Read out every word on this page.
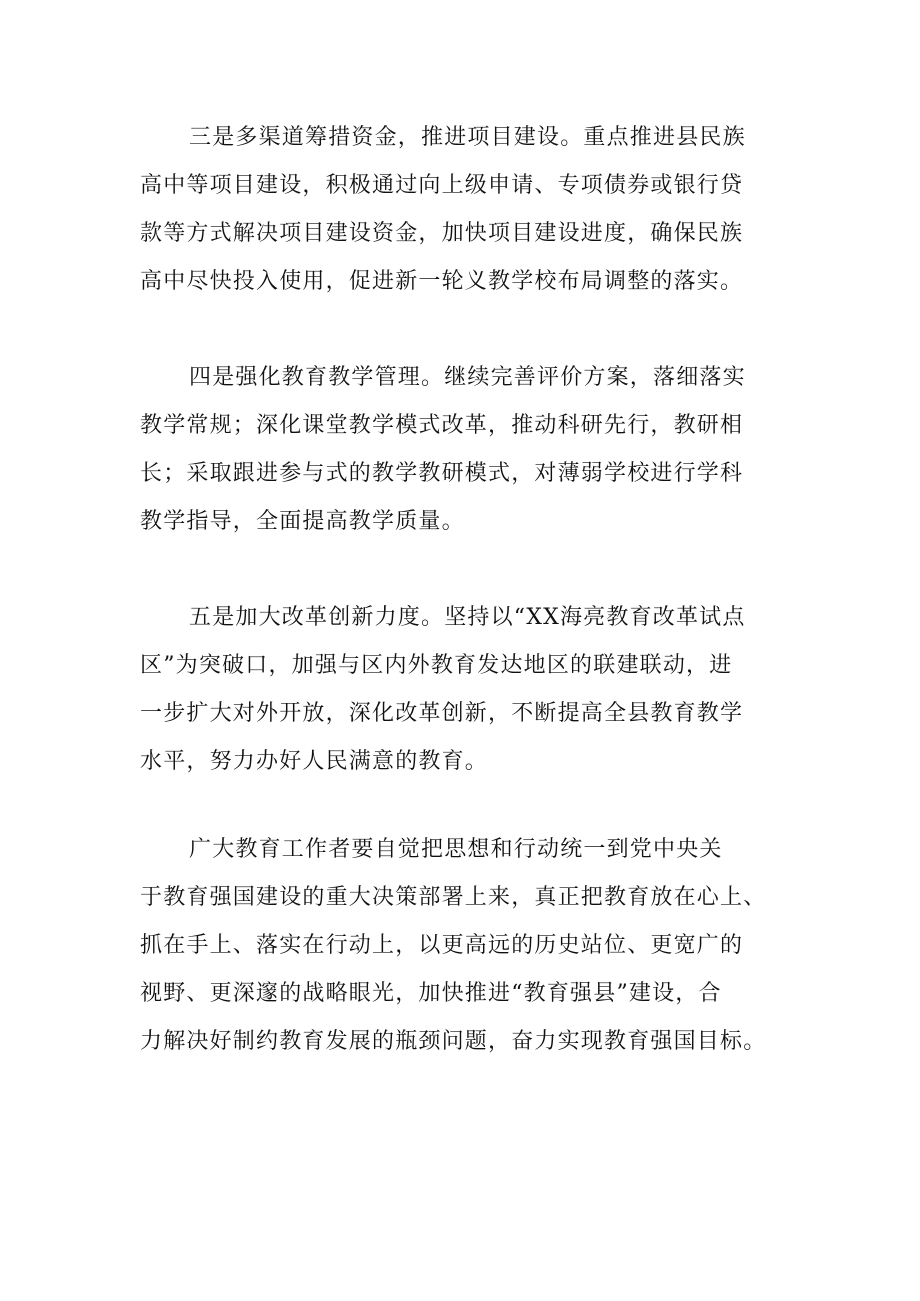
三是多渠道筹措资金，推进项目建设。重点推进县民族
高中等项目建设，积极通过向上级申请、专项债券或银行贷
款等方式解决项目建设资金，加快项目建设进度，确保民族
高中尽快投入使用，促进新一轮义教学校布局调整的落实。
四是强化教育教学管理。继续完善评价方案，落细落实
教学常规；深化课堂教学模式改革，推动科研先行，教研相
长；采取跟进参与式的教学教研模式，对薄弱学校进行学科
教学指导，全面提高教学质量。
五是加大改革创新力度。坚持以“XX海亮教育改革试点
区”为突破口，加强与区内外教育发达地区的联建联动，进
一步扩大对外开放，深化改革创新，不断提高全县教育教学
水平，努力办好人民满意的教育。
广大教育工作者要自觉把思想和行动统一到党中央关
于教育强国建设的重大决策部署上来，真正把教育放在心上、
抓在手上、落实在行动上，以更高远的历史站位、更宽广的
视野、更深邃的战略眼光，加快推进“教育强县”建设，合
力解决好制约教育发展的瓶颈问题，奋力实现教育强国目标。
